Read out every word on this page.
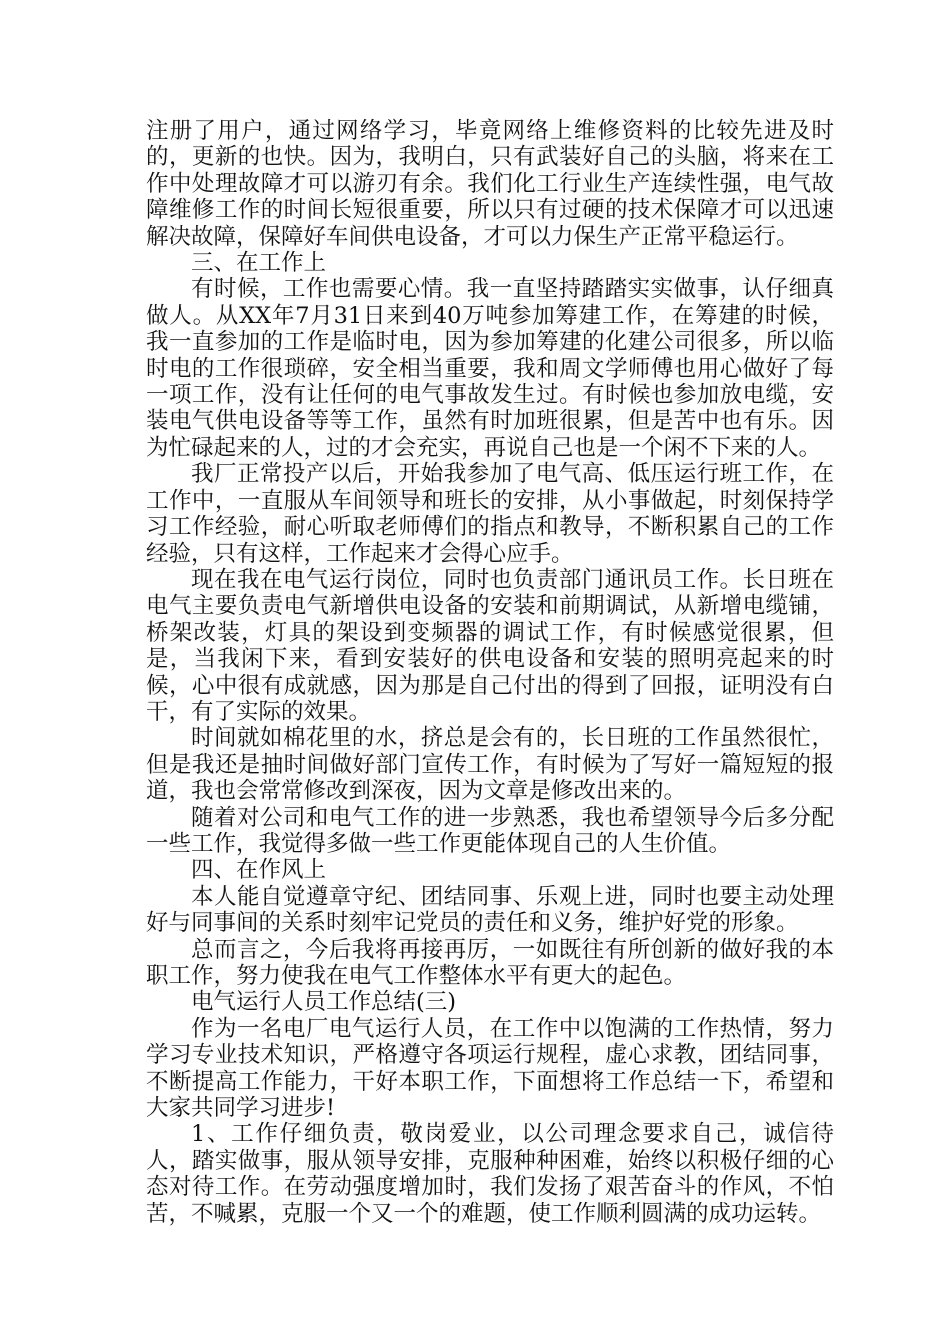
注册了用户，通过网络学习，毕竟网络上维修资料的比较先进及时的，更新的也快。因为，我明白，只有武装好自己的头脑，将来在工作中处理故障才可以游刃有余。我们化工行业生产连续性强，电气故障维修工作的时间长短很重要，所以只有过硬的技术保障才可以迅速解决故障，保障好车间供电设备，才可以力保生产正常平稳运行。

三、在工作上

有时候，工作也需要心情。我一直坚持踏踏实实做事，认仔细真做人。从XX年7月31日来到40万吨参加筹建工作，在筹建的时候，我一直参加的工作是临时电，因为参加筹建的化建公司很多，所以临时电的工作很琐碎，安全相当重要，我和周文学师傅也用心做好了每一项工作，没有让任何的电气事故发生过。有时候也参加放电缆，安装电气供电设备等等工作，虽然有时加班很累，但是苦中也有乐。因为忙碌起来的人，过的才会充实，再说自己也是一个闲不下来的人。

我厂正常投产以后，开始我参加了电气高、低压运行班工作，在工作中，一直服从车间领导和班长的安排，从小事做起，时刻保持学习工作经验，耐心听取老师傅们的指点和教导，不断积累自己的工作经验，只有这样，工作起来才会得心应手。

现在我在电气运行岗位，同时也负责部门通讯员工作。长日班在电气主要负责电气新增供电设备的安装和前期调试，从新增电缆铺，桥架改装，灯具的架设到变频器的调试工作，有时候感觉很累，但是，当我闲下来，看到安装好的供电设备和安装的照明亮起来的时候，心中很有成就感，因为那是自己付出的得到了回报，证明没有白干，有了实际的效果。

时间就如棉花里的水，挤总是会有的，长日班的工作虽然很忙，但是我还是抽时间做好部门宣传工作，有时候为了写好一篇短短的报道，我也会常常修改到深夜，因为文章是修改出来的。

随着对公司和电气工作的进一步熟悉，我也希望领导今后多分配一些工作，我觉得多做一些工作更能体现自己的人生价值。

四、在作风上

本人能自觉遵章守纪、团结同事、乐观上进，同时也要主动处理好与同事间的关系时刻牢记党员的责任和义务，维护好党的形象。

总而言之，今后我将再接再厉，一如既往有所创新的做好我的本职工作，努力使我在电气工作整体水平有更大的起色。

电气运行人员工作总结(三)

作为一名电厂电气运行人员，在工作中以饱满的工作热情，努力学习专业技术知识，严格遵守各项运行规程，虚心求教，团结同事，不断提高工作能力，干好本职工作，下面想将工作总结一下，希望和大家共同学习进步!

1、工作仔细负责，敬岗爱业，以公司理念要求自己，诚信待人，踏实做事，服从领导安排，克服种种困难，始终以积极仔细的心态对待工作。在劳动强度增加时，我们发扬了艰苦奋斗的作风，不怕苦，不喊累，克服一个又一个的难题，使工作顺利圆满的成功运转。
